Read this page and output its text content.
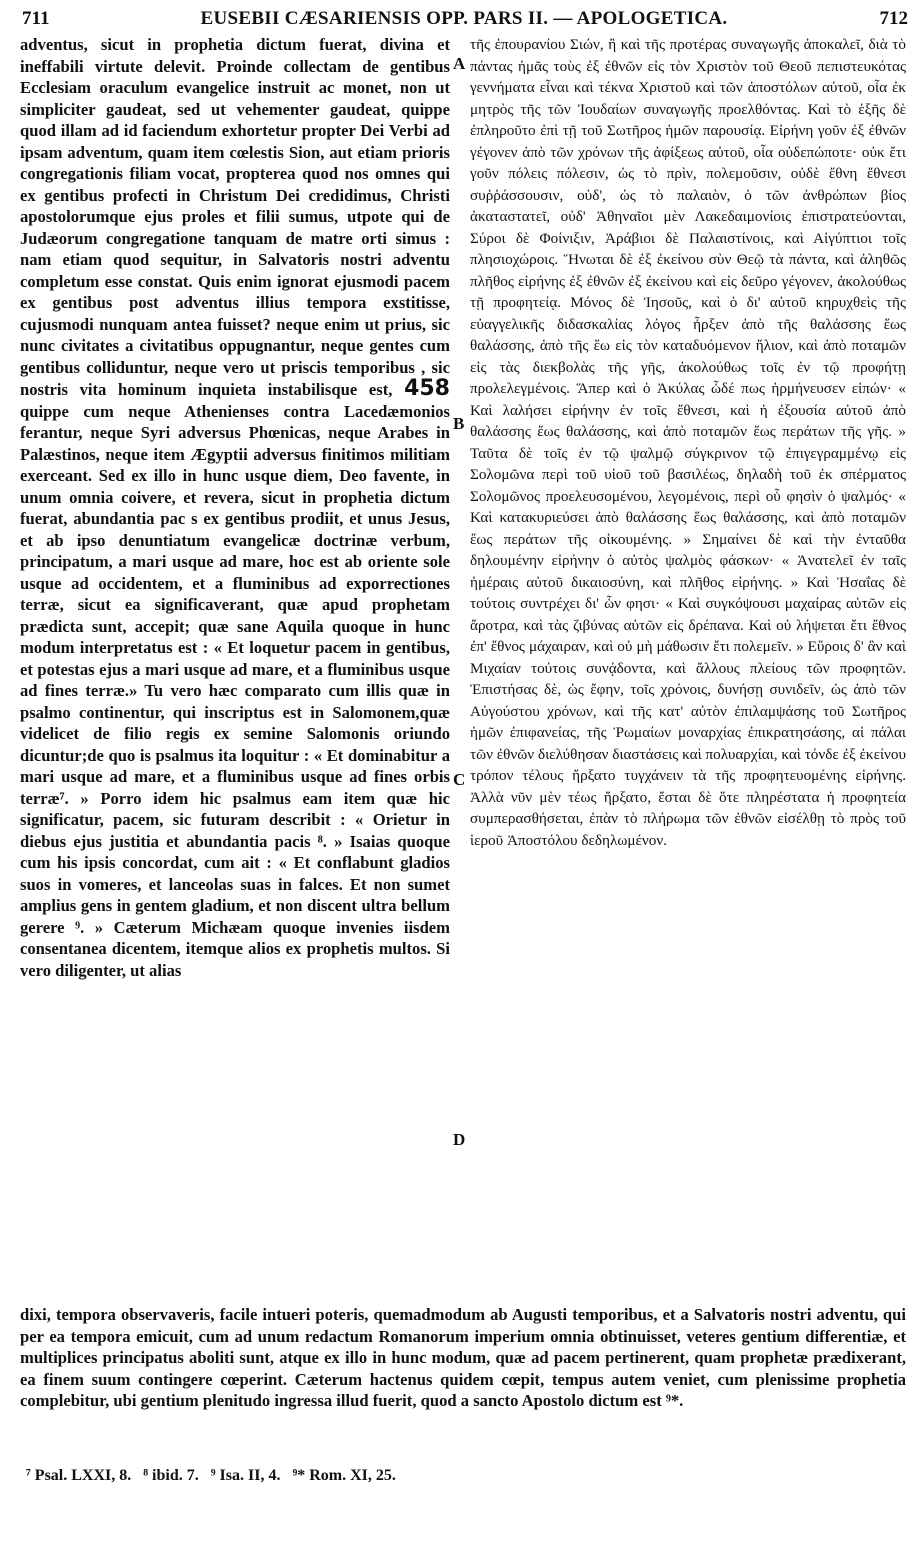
711	EUSEBII CÆSARIENSIS OPP. PARS II. — APOLOGETICA.	712

adventus, sicut in prophetia dictum fuerat, divina et ineffabili virtute delevit. Proinde collectam de gentibus Ecclesiam oraculum evangelice instruit ac monet, non ut simpliciter gaudeat, sed ut vehementer gaudeat, quippe quod illam ad id faciendum exhortetur propter Dei Verbi ad ipsam adventum, quam item cœlestis Sion, aut etiam prioris congregationis filiam vocat, propterea quod nos omnes qui ex gentibus profecti in Christum Dei credidimus, Christi apostolorumque ejus proles et filii sumus, utpote qui de Judæorum congregatione tanquam de matre orti simus : nam etiam quod sequitur, in Salvatoris nostri adventu completum esse constat. Quis enim ignorat ejusmodi pacem ex gentibus post adventus illius tempora exstitisse, cujusmodi nunquam antea fuisset? neque enim ut prius, sic nunc civitates a civitatibus oppugnantur, neque gentes cum gentibus colliduntur, neque vero ut priscis temporibus , sic nostris vita hominum inquieta instabilisque est, 458 quippe cum neque Athenienses contra Lacedæmonios ferantur, neque Syri adversus Phœnicas, neque Arabes in Palæstinos, neque item Ægyptii adversus finitimos militiam exerceant. Sed ex illo in hunc usque diem, Deo favente, in unum omnia coivere, et revera, sicut in prophetia dictum fuerat, abundantia pac s ex gentibus prodiit, et unus Jesus, et ab ipso denuntiatum evangelicæ doctrinæ verbum, principatum, a mari usque ad mare, hoc est ab oriente sole usque ad occidentem, et a fluminibus ad exporrectiones terræ, sicut ea significaverant, quæ apud prophetam prædicta sunt, accepit; quæ sane Aquila quoque in hunc modum interpretatus est : « Et loquetur pacem in gentibus, et potestas ejus a mari usque ad mare, et a fluminibus usque ad fines terræ.» Tu vero hæc comparato cum illis quæ in psalmo continentur, qui inscriptus est in Salomonem,quæ videlicet de filio regis ex semine Salomonis oriundo dicuntur;de quo is psalmus ita loquitur : « Et dominabitur a mari usque ad mare, et a fluminibus usque ad fines orbis terræ⁷. » Porro idem hic psalmus eam item quæ hic significatur, pacem, sic futuram describit : « Orietur in diebus ejus justitia et abundantia pacis ⁸. » Isaias quoque cum his ipsis concordat, cum ait : « Et conflabunt gladios suos in vomeres, et lanceolas suas in falces. Et non sumet amplius gens in gentem gladium, et non discent ultra bellum gerere ⁹. » Cæterum Michæam quoque invenies iisdem consentanea dicentem, itemque alios ex prophetis multos. Si vero diligenter, ut alias

A
B
C
D

τῆς ἐπουρανίου Σιών, ἢ καὶ τῆς προτέρας συναγωγῆς ἀποκαλεῖ, διὰ τὸ πάντας ἡμᾶς τοὺς ἐξ ἐθνῶν εἰς τὸν Χριστὸν τοῦ Θεοῦ πεπιστευκότας γεννήματα εἶναι καὶ τέκνα Χριστοῦ καὶ τῶν ἀποστόλων αὐτοῦ, οἷα ἐκ μητρὸς τῆς τῶν Ἰουδαίων συναγωγῆς προελθόντας. Καὶ τὸ ἑξῆς δὲ ἐπληροῦτο ἐπὶ τῇ τοῦ Σωτῆρος ἡμῶν παρουσίᾳ. Εἰρήνη γοῦν ἐξ ἐθνῶν γέγονεν ἀπὸ τῶν χρόνων τῆς ἀφίξεως αὐτοῦ, οἷα οὐδεπώποτε· οὐκ ἔτι γοῦν πόλεις πόλεσιν, ὡς τὸ πρὶν, πολεμοῦσιν, οὐδὲ ἔθνη ἔθνεσι συῤῥάσσουσιν, οὐδ', ὡς τὸ παλαιὸν, ὁ τῶν ἀνθρώπων βίος ἀκαταστατεῖ, οὐδ' Ἀθηναῖοι μὲν Λακεδαιμονίοις ἐπιστρατεύονται, Σύροι δὲ Φοίνιξιν, Ἀράβιοι δὲ Παλαιστίνοις, καὶ Αἰγύπτιοι τοῖς πλησιοχώροις. Ἥνωται δὲ ἐξ ἐκείνου σὺν Θεῷ τὰ πάντα, καὶ ἀληθῶς πλῆθος εἰρήνης ἐξ ἐθνῶν ἐξ ἐκείνου καὶ εἰς δεῦρο γέγονεν, ἀκολούθως τῇ προφητείᾳ. Μόνος δὲ Ἰησοῦς, καὶ ὁ δι' αὐτοῦ κηρυχθεὶς τῆς εὐαγγελικῆς διδασκαλίας λόγος ἦρξεν ἀπὸ τῆς θαλάσσης ἕως θαλάσσης, ἀπὸ τῆς ἕω εἰς τὸν καταδυόμενον ἥλιον, καὶ ἀπὸ ποταμῶν εἰς τὰς διεκβολὰς τῆς γῆς, ἀκολούθως τοῖς ἐν τῷ προφήτῃ προλελεγμένοις. Ἅπερ καὶ ὁ Ἀκύλας ὧδέ πως ἡρμήνευσεν εἰπών· « Καὶ λαλήσει εἰρήνην ἐν τοῖς ἔθνεσι, καὶ ἡ ἐξουσία αὐτοῦ ἀπὸ θαλάσσης ἕως θαλάσσης, καὶ ἀπὸ ποταμῶν ἕως περάτων τῆς γῆς. » Ταῦτα δὲ τοῖς ἐν τῷ ψαλμῷ σύγκρινον τῷ ἐπιγεγραμμένῳ εἰς Σολομῶνα περὶ τοῦ υἱοῦ τοῦ βασιλέως, δηλαδὴ τοῦ ἐκ σπέρματος Σολομῶνος προελευσομένου, λεγομένοις, περὶ οὗ φησὶν ὁ ψαλμός· « Καὶ κατακυριεύσει ἀπὸ θαλάσσης ἕως θαλάσσης, καὶ ἀπὸ ποταμῶν ἕως περάτων τῆς οἰκουμένης. » Σημαίνει δὲ καὶ τὴν ἐνταῦθα δηλουμένην εἰρήνην ὁ αὐτὸς ψαλμὸς φάσκων· « Ἀνατελεῖ ἐν ταῖς ἡμέραις αὐτοῦ δικαιοσύνη, καὶ πλῆθος εἰρήνης. » Καὶ Ἡσαΐας δὲ τούτοις συντρέχει δι' ὧν φησι· « Καὶ συγκόψουσι μαχαίρας αὐτῶν εἰς ἄροτρα, καὶ τὰς ζιβύνας αὐτῶν εἰς δρέπανα. Καὶ οὐ λήψεται ἔτι ἔθνος ἐπ' ἔθνος μάχαιραν, καὶ οὐ μὴ μάθωσιν ἔτι πολεμεῖν. » Εὕροις δ' ἂν καὶ Μιχαίαν τούτοις συνᾴδοντα, καὶ ἄλλους πλείους τῶν προφητῶν. Ἐπιστήσας δὲ, ὡς ἔφην, τοῖς χρόνοις, δυνήσῃ συνιδεῖν, ὡς ἀπὸ τῶν Αὐγούστου χρόνων, καὶ τῆς κατ' αὐτὸν ἐπιλαμψάσης τοῦ Σωτῆρος ἡμῶν ἐπιφανείας, τῆς Ῥωμαίων μοναρχίας ἐπικρατησάσης, αἱ πάλαι τῶν ἐθνῶν διελύθησαν διαστάσεις καὶ πολυαρχίαι, καὶ τόνδε ἐξ ἐκείνου τρόπον τέλους ἤρξατο τυγχάνειν τὰ τῆς προφητευομένης εἰρήνης. Ἀλλὰ νῦν μὲν τέως ἤρξατο, ἔσται δὲ ὅτε πληρέστατα ἡ προφητεία συμπερασθήσεται, ἐπὰν τὸ πλήρωμα τῶν ἐθνῶν εἰσέλθῃ τὸ πρὸς τοῦ ἱεροῦ Ἀποστόλου δεδηλωμένον.

dixi, tempora observaveris, facile intueri poteris, quemadmodum ab Augusti temporibus, et a Salvatoris nostri adventu, qui per ea tempora emicuit, cum ad unum redactum Romanorum imperium omnia obtinuisset, veteres gentium differentiæ, et multiplices principatus aboliti sunt, atque ex illo in hunc modum, quæ ad pacem pertinerent, quam prophetæ prædixerant, ea finem suum contingere cœperint. Cæterum hactenus quidem cœpit, tempus autem veniet, cum plenissime prophetia complebitur, ubi gentium plenitudo ingressa illud fuerit, quod a sancto Apostolo dictum est ⁹*.

⁷ Psal. LXXI, 8.   ⁸ ibid. 7.   ⁹ Isa. II, 4.   ⁹* Rom. XI, 25.
